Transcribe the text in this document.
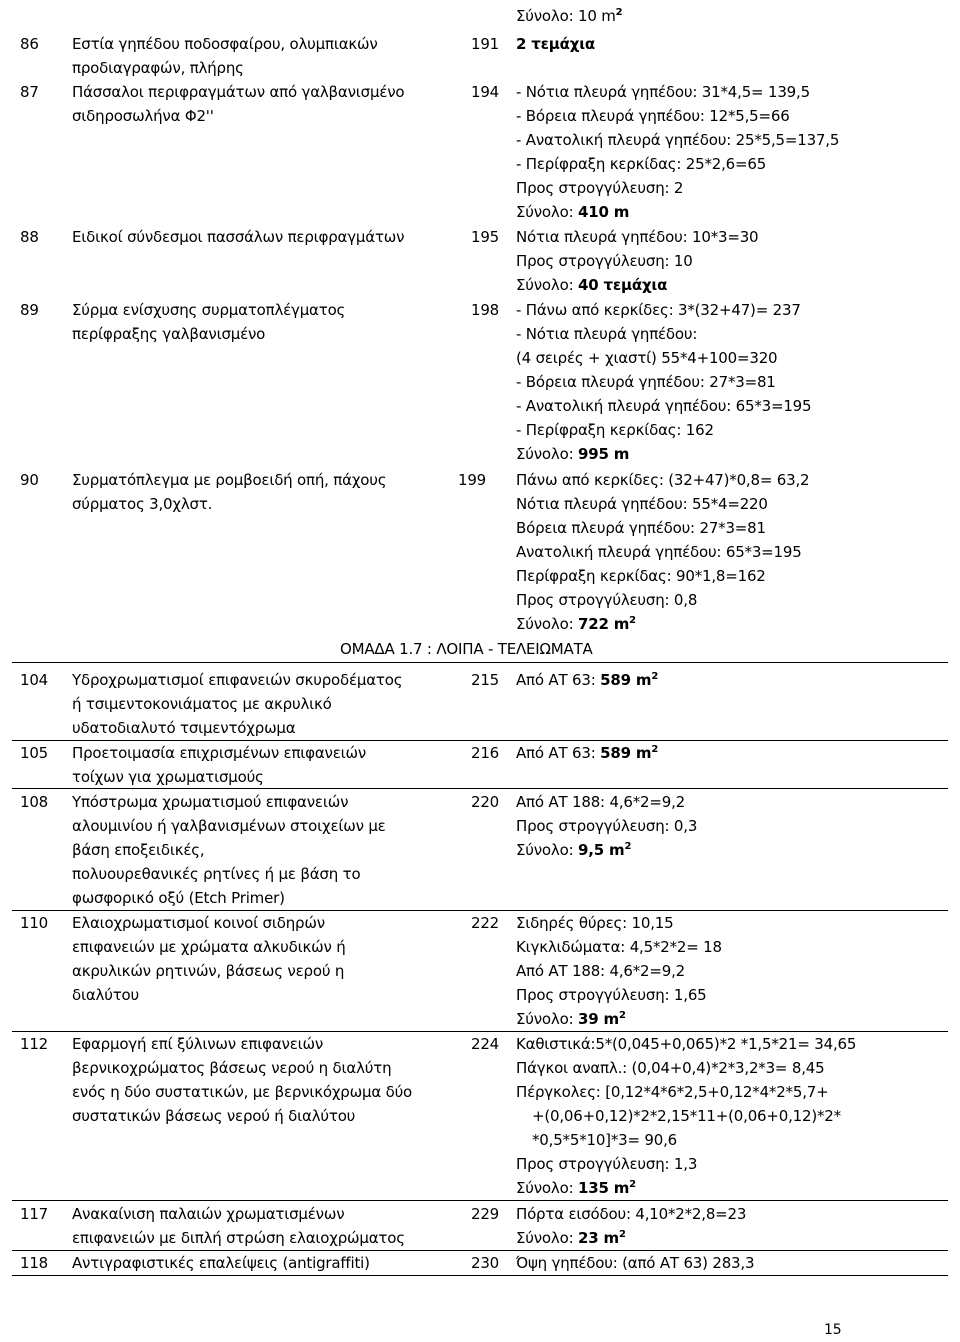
Σύνολο: 10 $m^2$
86 Εστία γηπέδου ποδοσφαίρου, ολυμπιακών
προδιαγραφών, πλήρης
191 2 τεμάχια
87 Πάσσαλοι περιφραγμάτων από γαλβανισμένο
σιδηροσωλήνα Φ2''
194 - Νότια πλευρά γηπέδου: 31*4,5= 139,5
- Βόρεια πλευρά γηπέδου: 12*5,5=66
- Ανατολική πλευρά γηπέδου: 25*5,5=137,5
- Περίφραξη κερκίδας: 25*2,6=65
Προς στρογγύλευση: 2
Σύνολο: 410 m
88 Ειδικοί σύνδεσμοι πασσάλων περιφραγμάτων	195 Νότια πλευρά γηπέδου: 10*3=30
Προς στρογγύλευση: 10
Σύνολο: 40 τεμάχια
89 Σύρμα ενίσχυσης συρματοπλέγματος
περίφραξης γαλβανισμένο
198 - Πάνω από κερκίδες: 3*(32+47)= 237
- Νότια πλευρά γηπέδου:
(4 σειρές + χιαστί) 55*4+100=320
- Βόρεια πλευρά γηπέδου: 27*3=81
- Ανατολική πλευρά γηπέδου: 65*3=195
- Περίφραξη κερκίδας: 162
Σύνολο: 995 m
90 Συρματόπλεγμα με ρομβοειδή οπή, πάχους
σύρματος 3,0χλστ.
199 Πάνω από κερκίδες: (32+47)*0,8= 63,2
Νότια πλευρά γηπέδου: 55*4=220
Βόρεια πλευρά γηπέδου: 27*3=81
Ανατολική πλευρά γηπέδου: 65*3=195
Περίφραξη κερκίδας: 90*1,8=162
Προς στρογγύλευση: 0,8
Σύνολο: 722 $m^2$
ΟΜΑΔΑ 1.7 : ΛΟΙΠΑ - ΤΕΛΕΙΩΜΑΤΑ
104 Υδροχρωματισμοί επιφανειών σκυροδέματος
ή τσιμεντοκονιάματος με ακρυλικό
υδατοδιαλυτό τσιμεντόχρωμα
215 Από ΑΤ 63: 589 $m^2$
105 Προετοιμασία επιχρισμένων επιφανειών
τοίχων για χρωματισμούς
216 Από ΑΤ 63: 589 $m^2$
108 Υπόστρωμα χρωματισμού επιφανειών
αλουμινίου ή γαλβανισμένων στοιχείων με
βάση εποξειδικές,
πολυουρεθανικές ρητίνες ή με βάση το
φωσφορικό οξύ (Etch Primer)
220 Από ΑΤ 188: 4,6*2=9,2
Προς στρογγύλευση: 0,3
Σύνολο: 9,5 $m^2$
110 Ελαιοχρωματισμοί κοινοί σιδηρών
επιφανειών με χρώματα αλκυδικών ή
ακρυλικών ρητινών, βάσεως νερού η
διαλύτου
222 Σιδηρές θύρες: 10,15
Κιγκλιδώματα: 4,5*2*2= 18
Από ΑΤ 188: 4,6*2=9,2
Προς στρογγύλευση: 1,65
Σύνολο: 39 $m^2$
112 Εφαρμογή επί ξύλινων επιφανειών
βερνικοχρώματος βάσεως νερού η διαλύτη
ενός η δύο συστατικών, με βερνικόχρωμα δύο
συστατικών βάσεως νερού ή διαλύτου
224 Καθιστικά:5*(0,045+0,065)*2 *1,5*21= 34,65
Πάγκοι αναπλ.: (0,04+0,4)*2*3,2*3= 8,45
Πέργκολες: [0,12*4*6*2,5+0,12*4*2*5,7+
+(0,06+0,12)*2*2,15*11+(0,06+0,12)*2*
*0,5*5*10]*3= 90,6
Προς στρογγύλευση: 1,3
Σύνολο: 135 $m^2$
117 Ανακαίνιση παλαιών χρωματισμένων
επιφανειών με διπλή στρώση ελαιοχρώματος
229 Πόρτα εισόδου: 4,10*2*2,8=23
Σύνολο: 23 $m^2$
118 Αντιγραφιστικές επαλείψεις (antigraffiti)	230 Όψη γηπέδου: (από ΑΤ 63) 283,3
15
